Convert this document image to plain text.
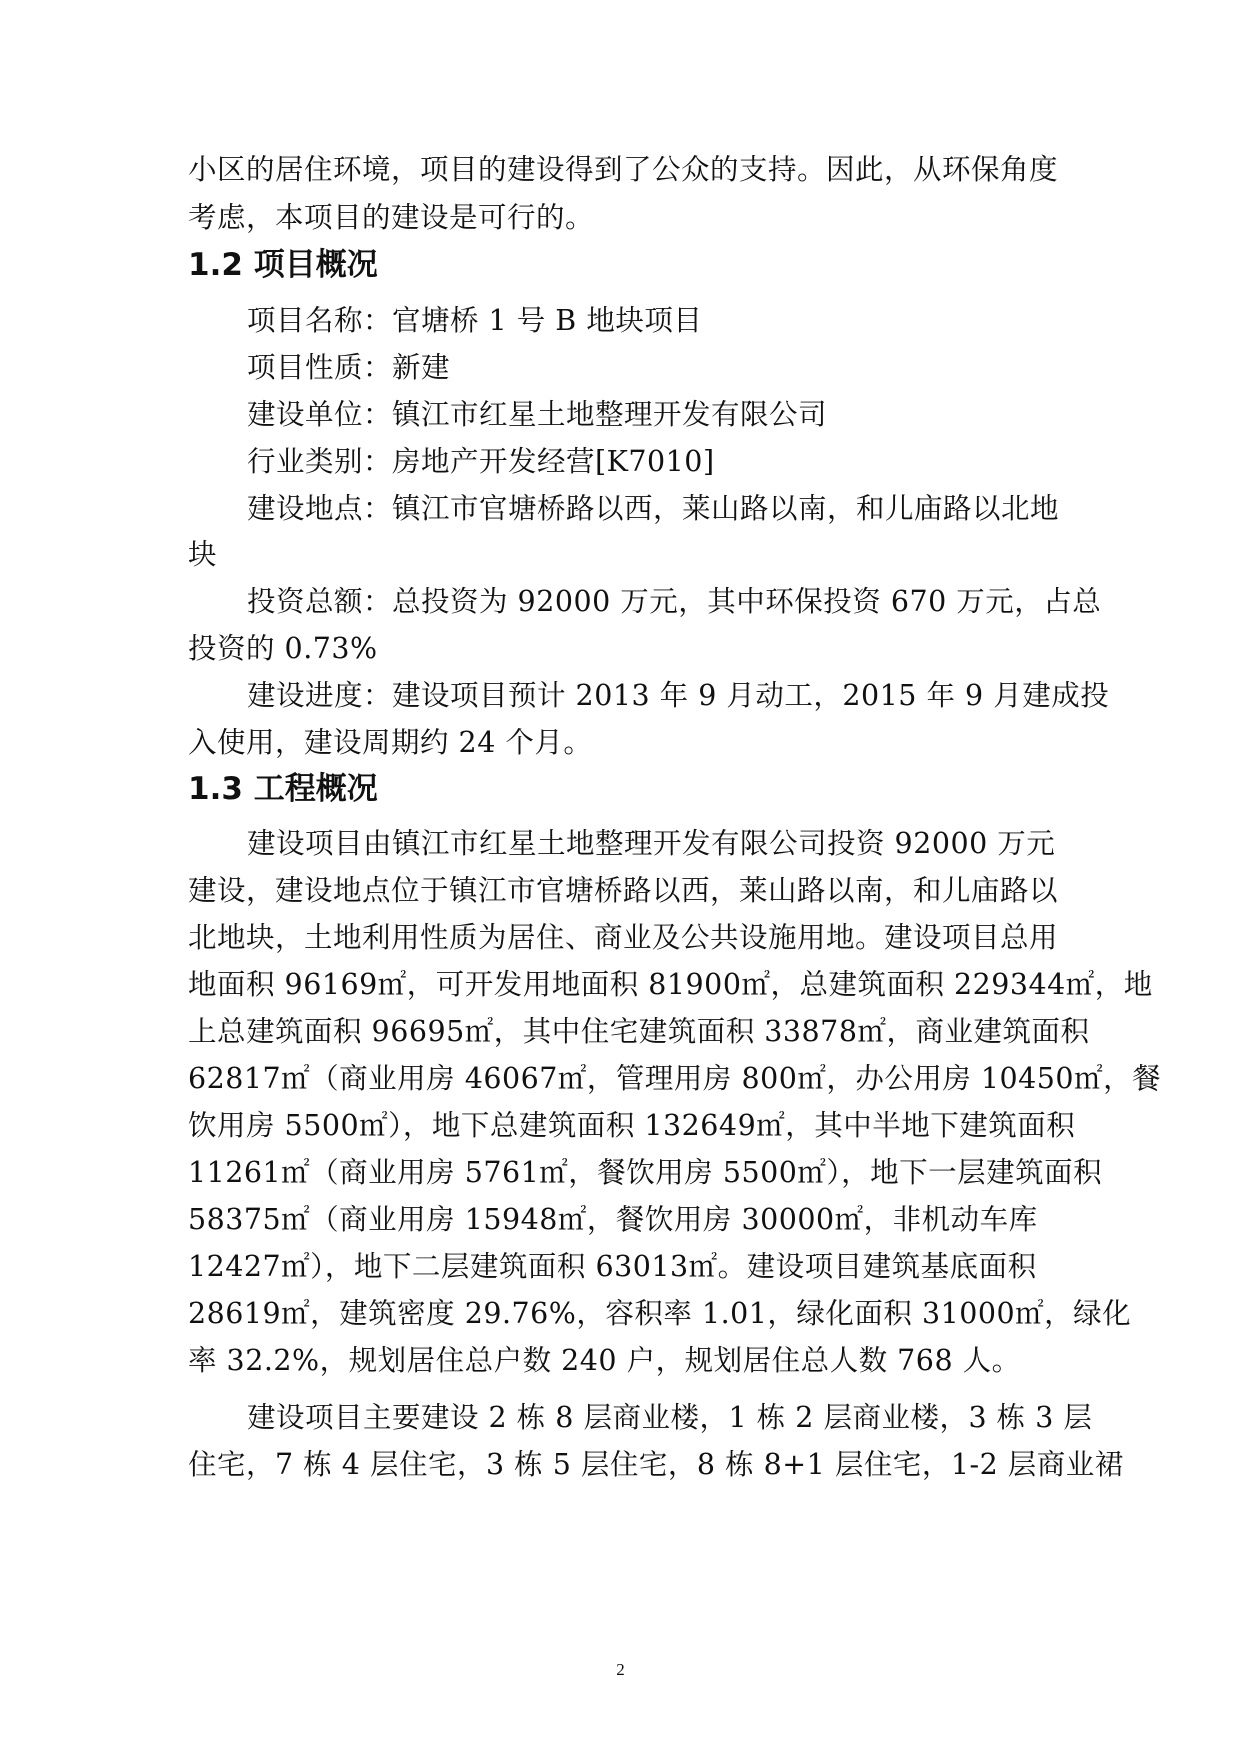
小区的居住环境，项目的建设得到了公众的支持。因此，从环保角度
考虑，本项目的建设是可行的。
1.2 项目概况
项目名称：官塘桥 1 号 B 地块项目
项目性质：新建
建设单位：镇江市红星土地整理开发有限公司
行业类别：房地产开发经营[K7010]
建设地点：镇江市官塘桥路以西，莱山路以南，和儿庙路以北地
块
投资总额：总投资为 92000 万元，其中环保投资 670 万元，占总
投资的 0.73%
建设进度：建设项目预计 2013 年 9 月动工，2015 年 9 月建成投
入使用，建设周期约 24 个月。
1.3 工程概况
建设项目由镇江市红星土地整理开发有限公司投资 92000 万元
建设，建设地点位于镇江市官塘桥路以西，莱山路以南，和儿庙路以
北地块，土地利用性质为居住、商业及公共设施用地。建设项目总用
地面积 96169㎡，可开发用地面积 81900㎡，总建筑面积 229344㎡，地
上总建筑面积 96695㎡，其中住宅建筑面积 33878㎡，商业建筑面积
62817㎡（商业用房 46067㎡，管理用房 800㎡，办公用房 10450㎡，餐
饮用房 5500㎡），地下总建筑面积 132649㎡，其中半地下建筑面积
11261㎡（商业用房 5761㎡，餐饮用房 5500㎡），地下一层建筑面积
58375㎡（商业用房 15948㎡，餐饮用房 30000㎡，非机动车库
12427㎡），地下二层建筑面积 63013㎡。建设项目建筑基底面积
28619㎡，建筑密度 29.76%，容积率 1.01，绿化面积 31000㎡，绿化
率 32.2%，规划居住总户数 240 户，规划居住总人数 768 人。
建设项目主要建设 2 栋 8 层商业楼，1 栋 2 层商业楼，3 栋 3 层
住宅，7 栋 4 层住宅，3 栋 5 层住宅，8 栋 8+1 层住宅，1-2 层商业裙
2
